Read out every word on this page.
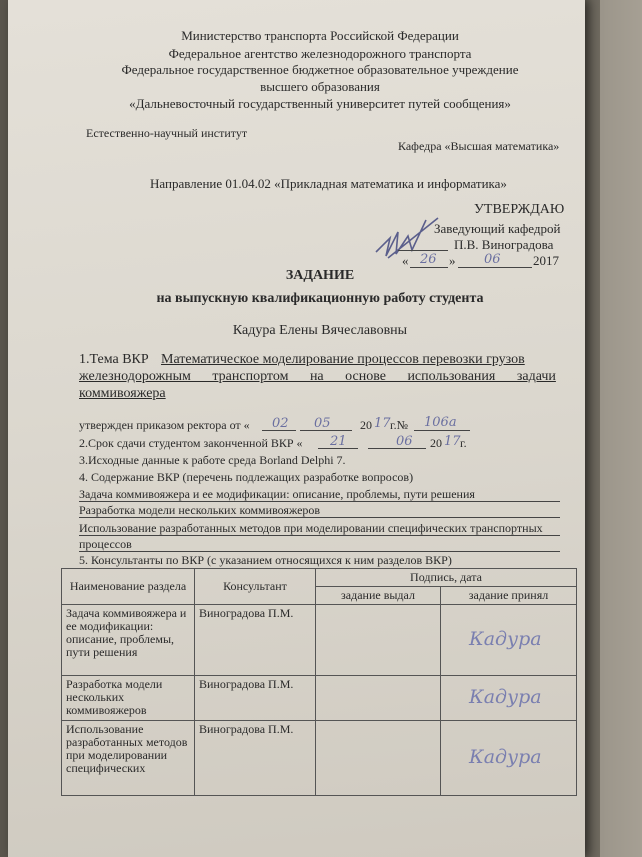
Министерство транспорта Российской Федерации
Федеральное агентство железнодорожного транспорта
Федеральное государственное бюджетное образовательное учреждение
высшего образования
«Дальневосточный государственный университет путей сообщения»
Естественно-научный институт
Кафедра «Высшая математика»
Направление 01.04.02 «Прикладная математика и информатика»
УТВЕРЖДАЮ
Заведующий кафедрой
П.В. Виноградова
« 26 » 06 2017
ЗАДАНИЕ
на выпускную квалификационную работу студента
Кадура Елены Вячеславовны
1.Тема ВКР Математическое моделирование процессов перевозки грузов
железнодорожным транспортом на основе использования задачи
коммивояжера
утвержден приказом ректора от « 02 05 20 17 г.№ 106а
2.Срок сдачи студентом законченной ВКР « 21	06 20 17 г.
3.Исходные данные к работе среда Borland Delphi 7.
4. Содержание ВКР (перечень подлежащих разработке вопросов)
Задача коммивояжера и ее модификации: описание, проблемы, пути решения
Разработка модели нескольких коммивояжеров
Использование разработанных методов при моделировании специфических транспортных
процессов
5. Консультанты по ВКР (с указанием относящихся к ним разделов ВКР)
Наименование раздела	Консультант	Подпись, дата	
		задание выдал	задание принял
Задача коммивояжера и ее модификации: описание, проблемы, пути решения	Виноградова П.М.		Кадура
Разработка модели нескольких коммивояжеров	Виноградова П.М.		Кадура
Использование разработанных методов при моделировании специфических	Виноградова П.М.		Кадура
